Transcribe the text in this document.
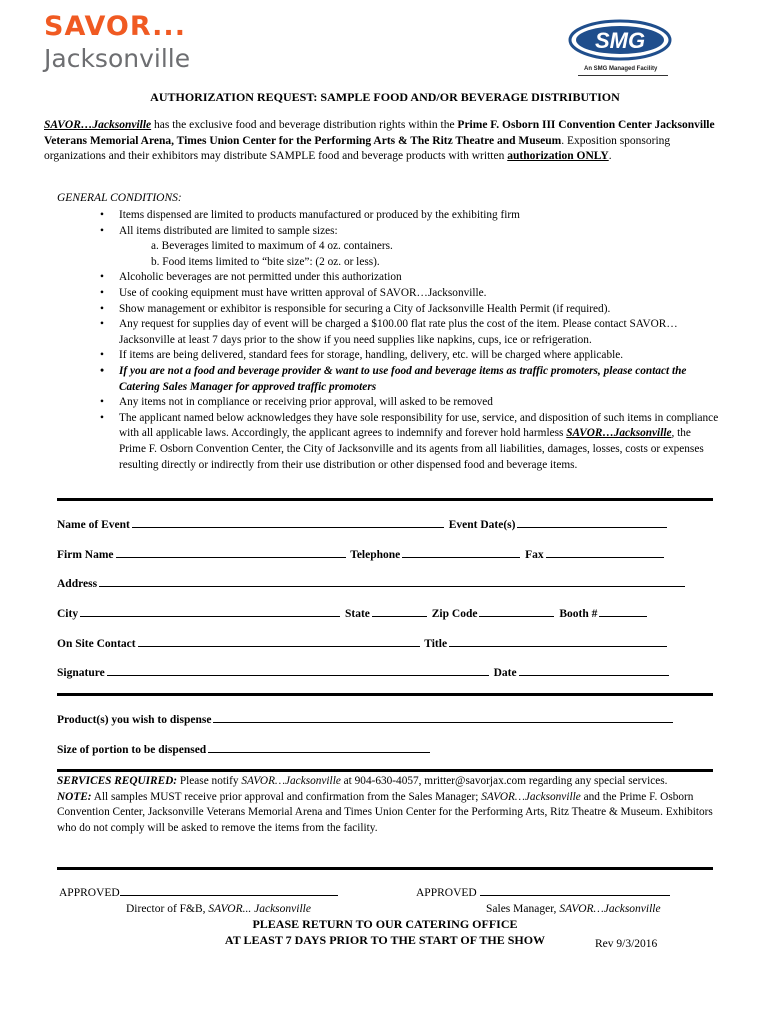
SAVOR...
Jacksonville
SMG
An SMG Managed Facility
AUTHORIZATION REQUEST: SAMPLE FOOD AND/OR BEVERAGE DISTRIBUTION
SAVOR…Jacksonville has the exclusive food and beverage distribution rights within the Prime F. Osborn III Convention Center Jacksonville Veterans Memorial Arena, Times Union Center for the Performing Arts & The Ritz Theatre and Museum. Exposition sponsoring organizations and their exhibitors may distribute SAMPLE food and beverage products with written authorization ONLY.
GENERAL CONDITIONS:
• Items dispensed are limited to products manufactured or produced by the exhibiting firm
• All items distributed are limited to sample sizes:
a. Beverages limited to maximum of 4 oz. containers.
b. Food items limited to “bite size”: (2 oz. or less).
• Alcoholic beverages are not permitted under this authorization
• Use of cooking equipment must have written approval of SAVOR…Jacksonville.
• Show management or exhibitor is responsible for securing a City of Jacksonville Health Permit (if required).
• Any request for supplies day of event will be charged a $100.00 flat rate plus the cost of the item. Please contact SAVOR…Jacksonville at least 7 days prior to the show if you need supplies like napkins, cups, ice or refrigeration.
• If items are being delivered, standard fees for storage, handling, delivery, etc. will be charged where applicable.
• If you are not a food and beverage provider & want to use food and beverage items as traffic promoters, please contact the Catering Sales Manager for approved traffic promoters
• Any items not in compliance or receiving prior approval, will asked to be removed
• The applicant named below acknowledges they have sole responsibility for use, service, and disposition of such items in compliance with all applicable laws. Accordingly, the applicant agrees to indemnify and forever hold harmless SAVOR…Jacksonville, the Prime F. Osborn Convention Center, the City of Jacksonville and its agents from all liabilities, damages, losses, costs or expenses resulting directly or indirectly from their use distribution or other dispensed food and beverage items.
Name of Event	Event Date(s)
Firm Name	Telephone	Fax
Address
City	State	Zip Code	Booth #
On Site Contact	Title
Signature	Date
Product(s) you wish to dispense
Size of portion to be dispensed
SERVICES REQUIRED: Please notify SAVOR…Jacksonville at 904-630-4057, mritter@savorjax.com regarding any special services.
NOTE: All samples MUST receive prior approval and confirmation from the Sales Manager; SAVOR…Jacksonville and the Prime F. Osborn Convention Center, Jacksonville Veterans Memorial Arena and Times Union Center for the Performing Arts, Ritz Theatre & Museum. Exhibitors who do not comply will be asked to remove the items from the facility.
APPROVED	APPROVED
Director of F&B, SAVOR... Jacksonville	Sales Manager, SAVOR…Jacksonville
PLEASE RETURN TO OUR CATERING OFFICE
AT LEAST 7 DAYS PRIOR TO THE START OF THE SHOW	Rev 9/3/2016
